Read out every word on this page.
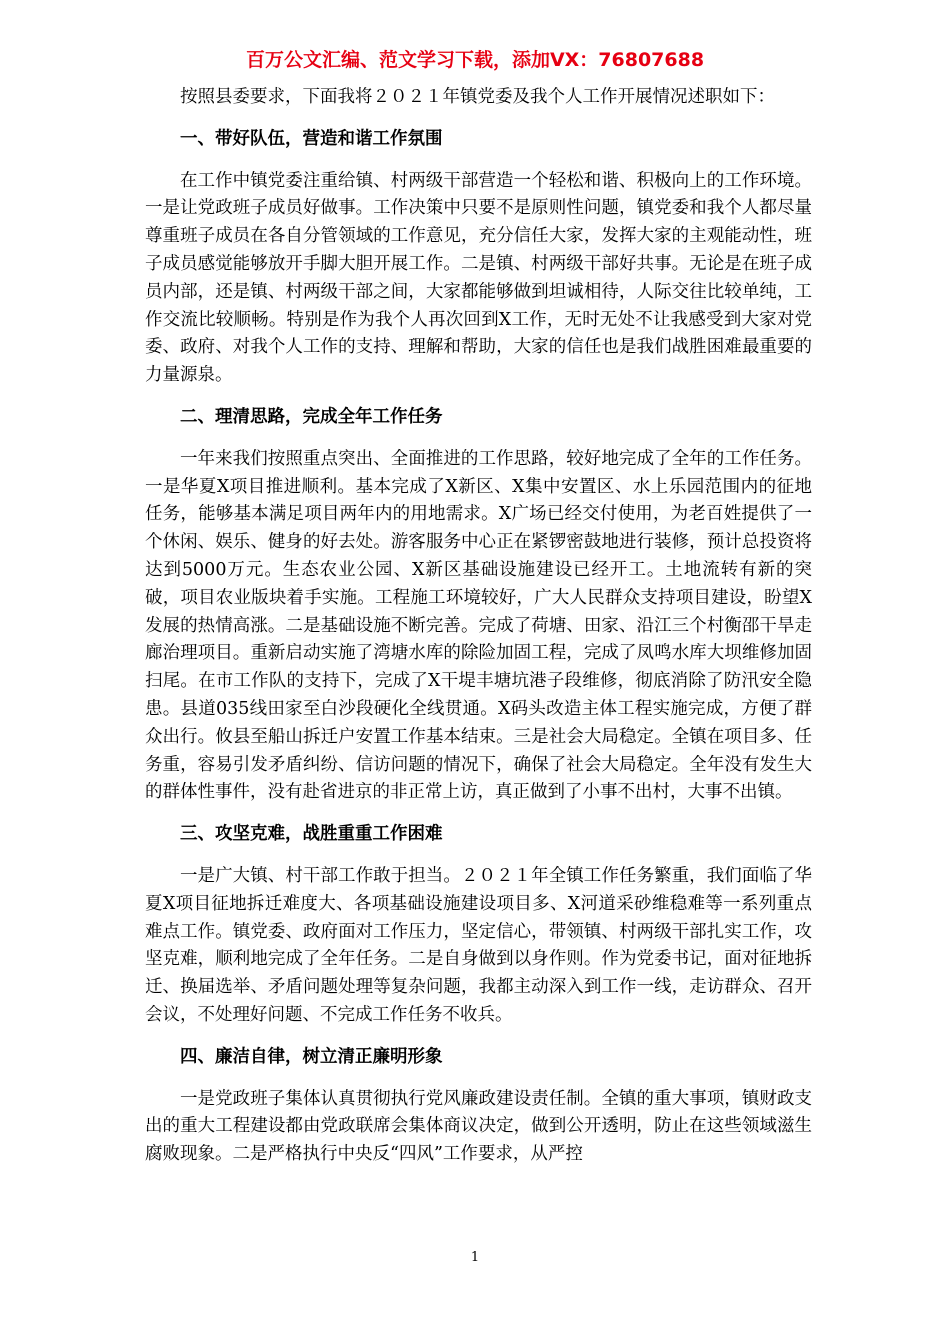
百万公文汇编、范文学习下载，添加VX：76807688

按照县委要求，下面我将２０２１年镇党委及我个人工作开展情况述职如下：

一、带好队伍，营造和谐工作氛围

在工作中镇党委注重给镇、村两级干部营造一个轻松和谐、积极向上的工作环境。一是让党政班子成员好做事。工作决策中只要不是原则性问题，镇党委和我个人都尽量尊重班子成员在各自分管领域的工作意见，充分信任大家，发挥大家的主观能动性，班子成员感觉能够放开手脚大胆开展工作。二是镇、村两级干部好共事。无论是在班子成员内部，还是镇、村两级干部之间，大家都能够做到坦诚相待，人际交往比较单纯，工作交流比较顺畅。特别是作为我个人再次回到X工作，无时无处不让我感受到大家对党委、政府、对我个人工作的支持、理解和帮助，大家的信任也是我们战胜困难最重要的力量源泉。

二、理清思路，完成全年工作任务

一年来我们按照重点突出、全面推进的工作思路，较好地完成了全年的工作任务。一是华夏X项目推进顺利。基本完成了X新区、X集中安置区、水上乐园范围内的征地任务，能够基本满足项目两年内的用地需求。X广场已经交付使用，为老百姓提供了一个休闲、娱乐、健身的好去处。游客服务中心正在紧锣密鼓地进行装修，预计总投资将达到5000万元。生态农业公园、X新区基础设施建设已经开工。土地流转有新的突破，项目农业版块着手实施。工程施工环境较好，广大人民群众支持项目建设，盼望X发展的热情高涨。二是基础设施不断完善。完成了荷塘、田家、沿江三个村衡邵干旱走廊治理项目。重新启动实施了湾塘水库的除险加固工程，完成了凤鸣水库大坝维修加固扫尾。在市工作队的支持下，完成了X干堤丰塘坑港子段维修，彻底消除了防汛安全隐患。县道035线田家至白沙段硬化全线贯通。X码头改造主体工程实施完成，方便了群众出行。攸县至船山拆迁户安置工作基本结束。三是社会大局稳定。全镇在项目多、任务重，容易引发矛盾纠纷、信访问题的情况下，确保了社会大局稳定。全年没有发生大的群体性事件，没有赴省进京的非正常上访，真正做到了小事不出村，大事不出镇。

三、攻坚克难，战胜重重工作困难

一是广大镇、村干部工作敢于担当。２０２１年全镇工作任务繁重，我们面临了华夏X项目征地拆迁难度大、各项基础设施建设项目多、X河道采砂维稳难等一系列重点难点工作。镇党委、政府面对工作压力，坚定信心，带领镇、村两级干部扎实工作，攻坚克难，顺利地完成了全年任务。二是自身做到以身作则。作为党委书记，面对征地拆迁、换届选举、矛盾问题处理等复杂问题，我都主动深入到工作一线，走访群众、召开会议，不处理好问题、不完成工作任务不收兵。

四、廉洁自律，树立清正廉明形象

一是党政班子集体认真贯彻执行党风廉政建设责任制。全镇的重大事项，镇财政支出的重大工程建设都由党政联席会集体商议决定，做到公开透明，防止在这些领域滋生腐败现象。二是严格执行中央反“四风”工作要求，从严控

1
